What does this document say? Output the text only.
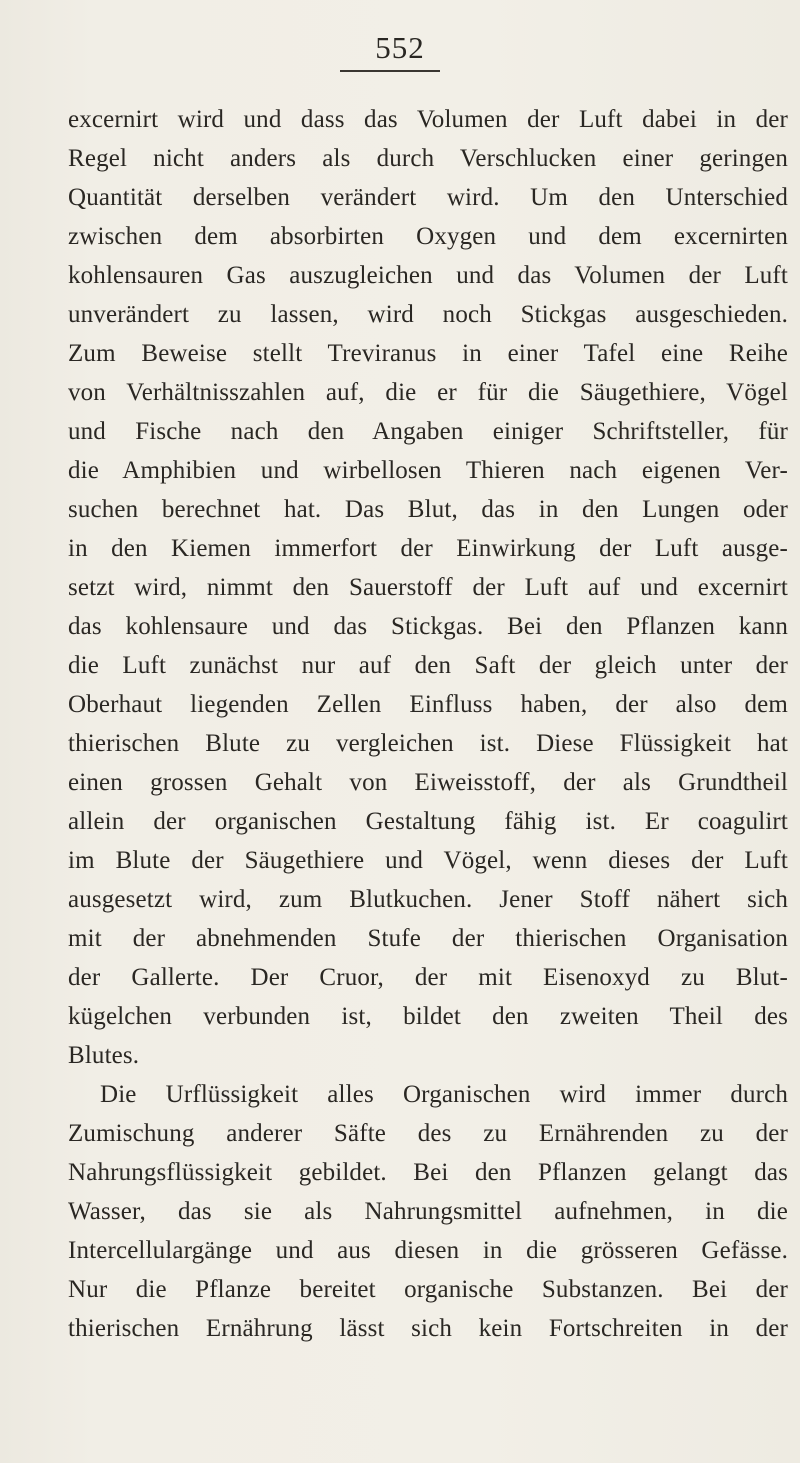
552
excernirt wird und dass das Volumen der Luft dabei in der
Regel nicht anders als durch Verschlucken einer geringen
Quantität derselben verändert wird. Um den Unterschied
zwischen dem absorbirten Oxygen und dem excernirten
kohlensauren Gas auszugleichen und das Volumen der Luft
unverändert zu lassen, wird noch Stickgas ausgeschieden.
Zum Beweise stellt Treviranus in einer Tafel eine Reihe
von Verhältnisszahlen auf, die er für die Säugethiere, Vögel
und Fische nach den Angaben einiger Schriftsteller, für
die Amphibien und wirbellosen Thieren nach eigenen Ver-
suchen berechnet hat. Das Blut, das in den Lungen oder
in den Kiemen immerfort der Einwirkung der Luft ausge-
setzt wird, nimmt den Sauerstoff der Luft auf und excernirt
das kohlensaure und das Stickgas. Bei den Pflanzen kann
die Luft zunächst nur auf den Saft der gleich unter der
Oberhaut liegenden Zellen Einfluss haben, der also dem
thierischen Blute zu vergleichen ist. Diese Flüssigkeit hat
einen grossen Gehalt von Eiweisstoff, der als Grundtheil
allein der organischen Gestaltung fähig ist. Er coagulirt
im Blute der Säugethiere und Vögel, wenn dieses der Luft
ausgesetzt wird, zum Blutkuchen. Jener Stoff nähert sich
mit der abnehmenden Stufe der thierischen Organisation
der Gallerte. Der Cruor, der mit Eisenoxyd zu Blut-
kügelchen verbunden ist, bildet den zweiten Theil des
Blutes.
Die Urflüssigkeit alles Organischen wird immer durch
Zumischung anderer Säfte des zu Ernährenden zu der
Nahrungsflüssigkeit gebildet. Bei den Pflanzen gelangt das
Wasser, das sie als Nahrungsmittel aufnehmen, in die
Intercellulargänge und aus diesen in die grösseren Gefässe.
Nur die Pflanze bereitet organische Substanzen. Bei der
thierischen Ernährung lässt sich kein Fortschreiten in der
